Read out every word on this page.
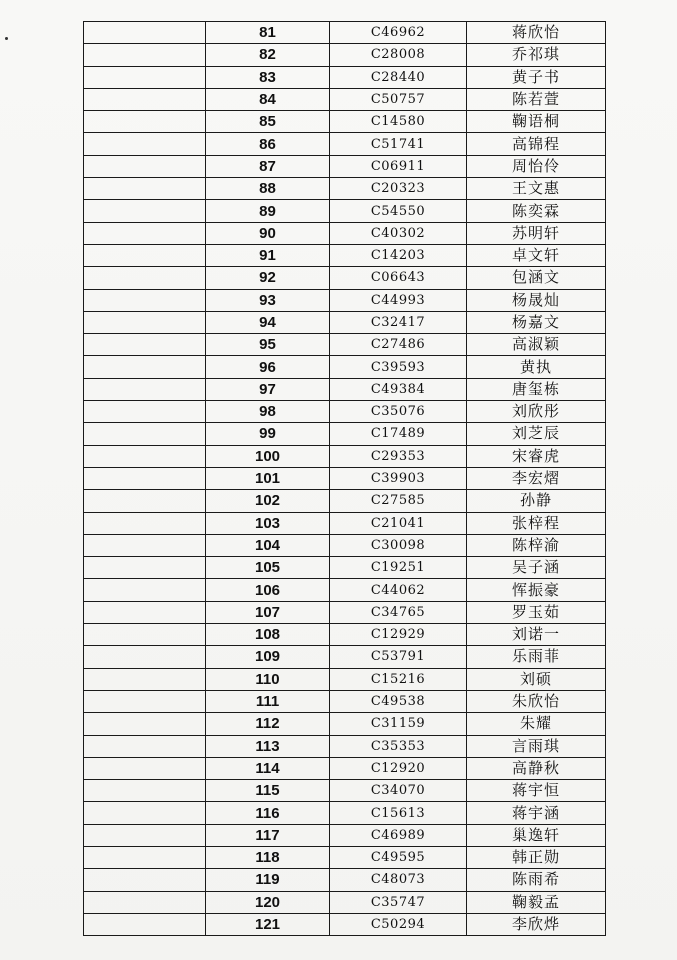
	81	C46962	蒋欣怡
	82	C28008	乔祁琪
	83	C28440	黄子书
	84	C50757	陈若萱
	85	C14580	鞠语桐
	86	C51741	高锦程
	87	C06911	周怡伶
	88	C20323	王文惠
	89	C54550	陈奕霖
	90	C40302	苏明轩
	91	C14203	卓文轩
	92	C06643	包涵文
	93	C44993	杨晟灿
	94	C32417	杨嘉文
	95	C27486	高淑颖
	96	C39593	黄执
	97	C49384	唐玺栋
	98	C35076	刘欣彤
	99	C17489	刘芝辰
	100	C29353	宋睿虎
	101	C39903	李宏熠
	102	C27585	孙静
	103	C21041	张梓程
	104	C30098	陈梓渝
	105	C19251	吴子涵
	106	C44062	恽振豪
	107	C34765	罗玉茹
	108	C12929	刘诺一
	109	C53791	乐雨菲
	110	C15216	刘硕
	111	C49538	朱欣怡
	112	C31159	朱耀
	113	C35353	言雨琪
	114	C12920	高静秋
	115	C34070	蒋宇恒
	116	C15613	蒋宇涵
	117	C46989	巢逸轩
	118	C49595	韩正勋
	119	C48073	陈雨希
	120	C35747	鞠毅孟
	121	C50294	李欣烨
